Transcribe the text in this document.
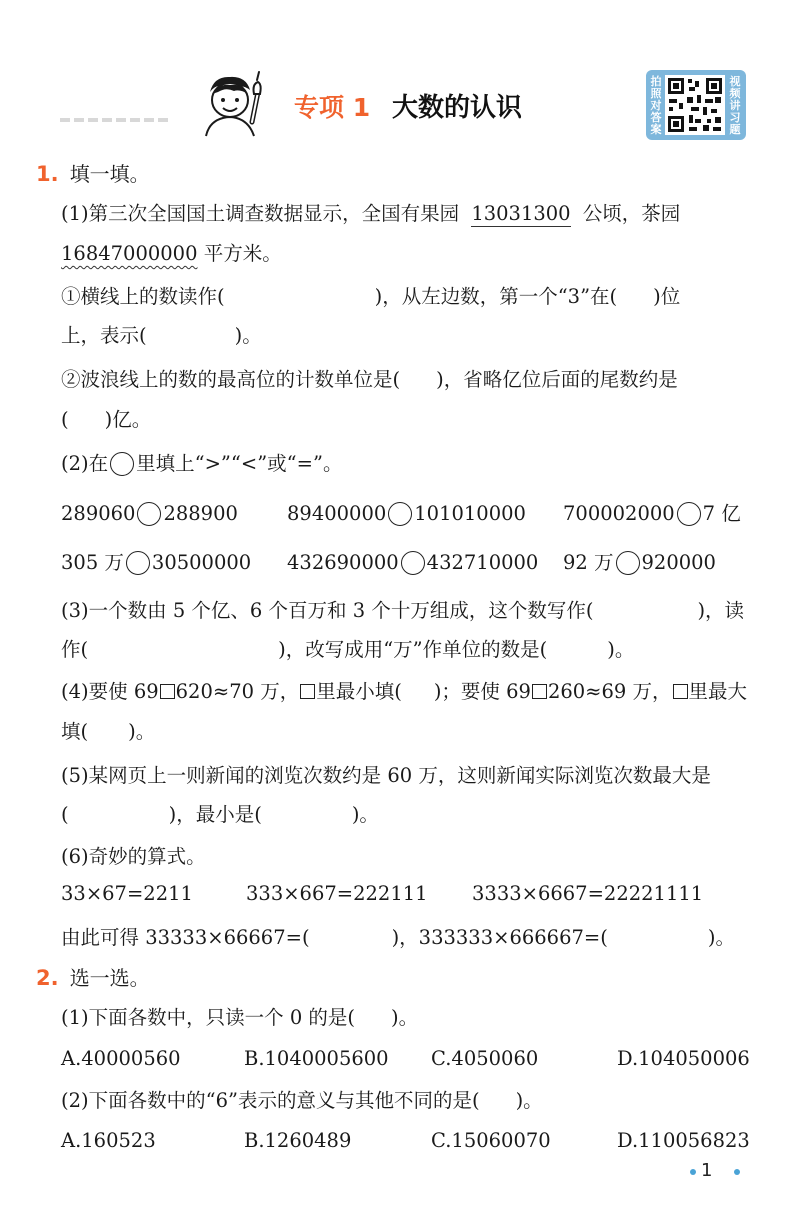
专项 1 大数的认识
拍照对答案
视频讲习题
1. 填一填。
(1)第三次全国国土调查数据显示，全国有果园 13031300 公顷，茶园
16847000000 平方米。
①横线上的数读作(	)，从左边数，第一个“3”在( )位
上，表示(	)。
②波浪线上的数的最高位的计数单位是( )，省略亿位后面的尾数约是
( )亿。
(2)在 里填上“>”“<”或“=”。
289060 288900	89400000 101010000 700002000 7 亿
305 万 30500000 432690000 432710000 92 万 920000
(3)一个数由 5 个亿、6 个百万和 3 个十万组成，这个数写作(	)，读
作(	)，改写成用“万”作单位的数是(	)。
(4)要使 69 620≈70 万， 里最小填( )；要使 69 260≈69 万， 里最大
填( )。
(5)某网页上一则新闻的浏览次数约是 60 万，这则新闻实际浏览次数最大是
(	)，最小是(	)。
(6)奇妙的算式。
33×67=2211	333×667=222111 3333×6667=22221111
由此可得 33333×66667=(	)，333333×666667=(	)。
2. 选一选。
(1)下面各数中，只读一个 0 的是( )。
A.40000560	B.1040005600 C.4050060	D.104050006
(2)下面各数中的“6”表示的意义与其他不同的是( )。
A.160523	B.1260489	C.15060070	D.110056823
1
